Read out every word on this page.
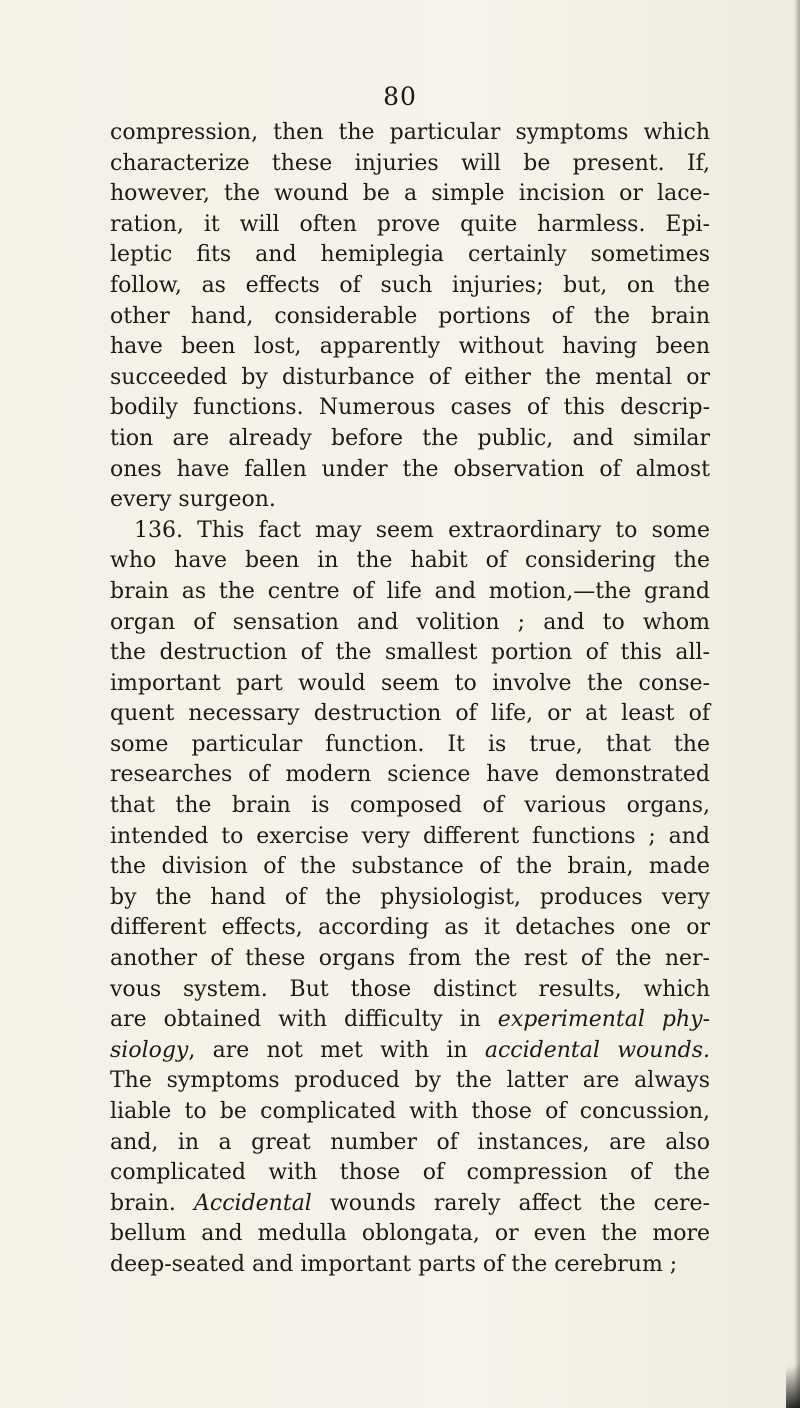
80
compression, then the particular symptoms which
characterize these injuries will be present. If,
however, the wound be a simple incision or lace-
ration, it will often prove quite harmless. Epi-
leptic fits and hemiplegia certainly sometimes
follow, as effects of such injuries; but, on the
other hand, considerable portions of the brain
have been lost, apparently without having been
succeeded by disturbance of either the mental or
bodily functions. Numerous cases of this descrip-
tion are already before the public, and similar
ones have fallen under the observation of almost
every surgeon.
136. This fact may seem extraordinary to some
who have been in the habit of considering the
brain as the centre of life and motion,—the grand
organ of sensation and volition ; and to whom
the destruction of the smallest portion of this all-
important part would seem to involve the conse-
quent necessary destruction of life, or at least of
some particular function. It is true, that the
researches of modern science have demonstrated
that the brain is composed of various organs,
intended to exercise very different functions ; and
the division of the substance of the brain, made
by the hand of the physiologist, produces very
different effects, according as it detaches one or
another of these organs from the rest of the ner-
vous system. But those distinct results, which
are obtained with difficulty in experimental phy-
siology, are not met with in accidental wounds.
The symptoms produced by the latter are always
liable to be complicated with those of concussion,
and, in a great number of instances, are also
complicated with those of compression of the
brain. Accidental wounds rarely affect the cere-
bellum and medulla oblongata, or even the more
deep-seated and important parts of the cerebrum ;
